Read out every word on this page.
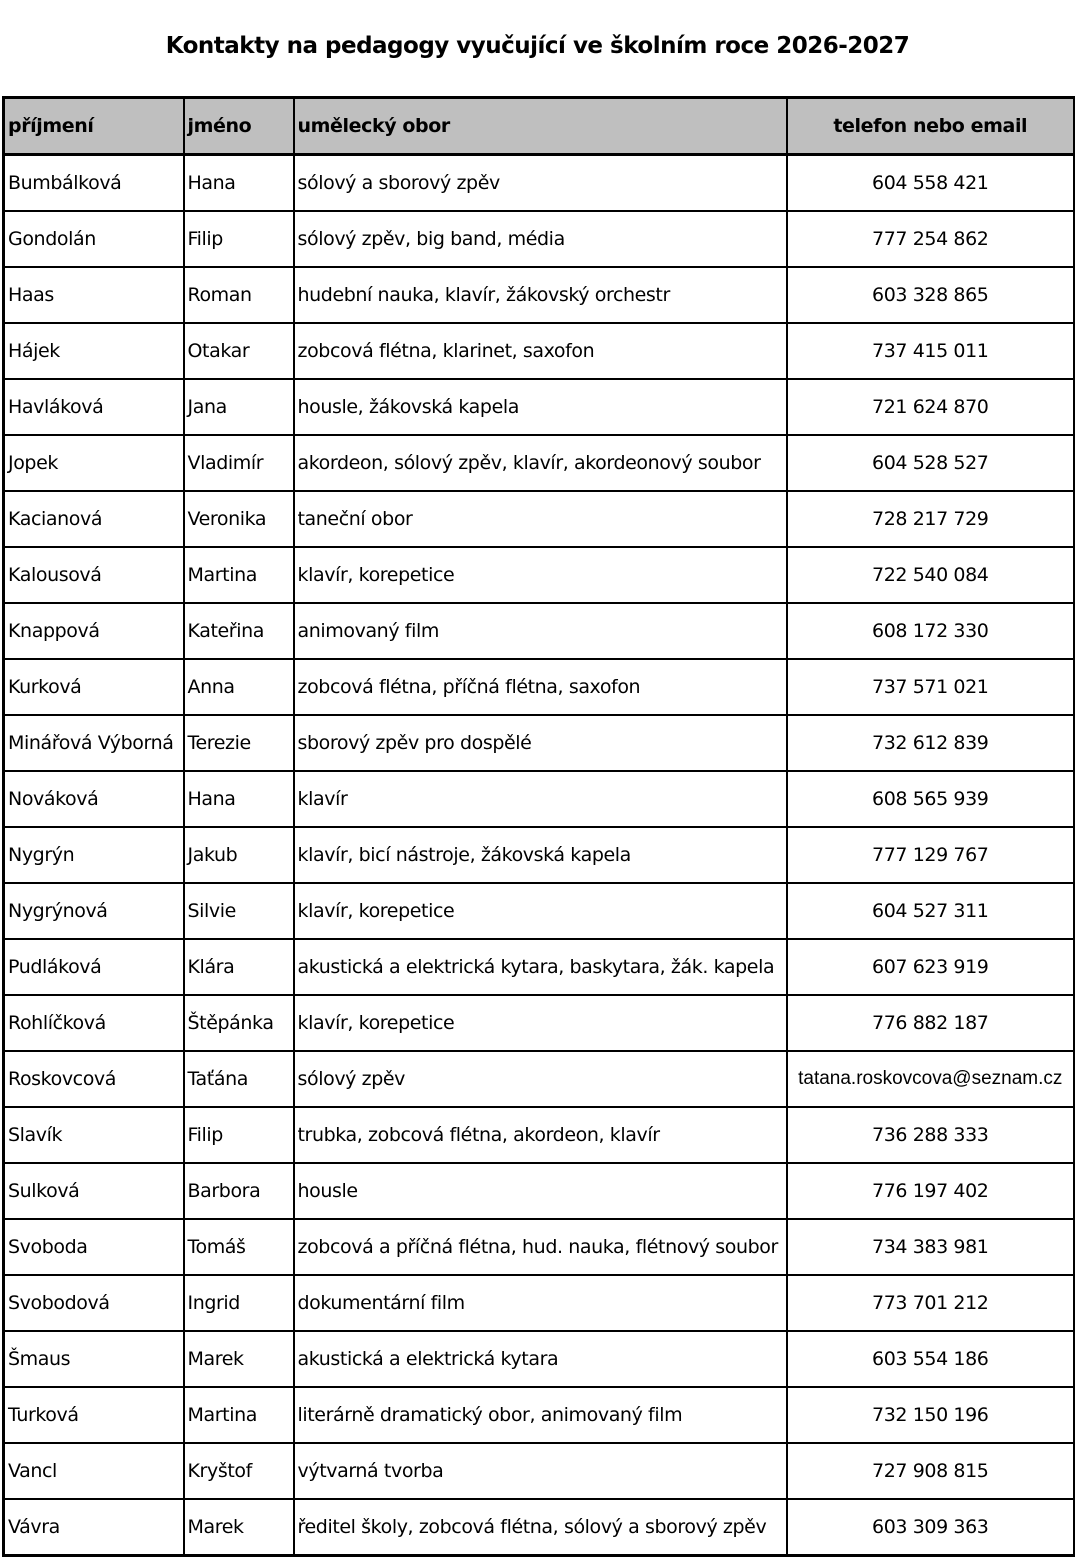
Kontakty na pedagogy vyučující ve školním roce 2026-2027
příjmení	jméno	umělecký obor	telefon nebo email
Bumbálková	Hana	sólový a sborový zpěv	604 558 421
Gondolán	Filip	sólový zpěv, big band, média	777 254 862
Haas	Roman	hudební nauka, klavír, žákovský orchestr	603 328 865
Hájek	Otakar	zobcová flétna, klarinet, saxofon	737 415 011
Havláková	Jana	housle, žákovská kapela	721 624 870
Jopek	Vladimír	akordeon, sólový zpěv, klavír, akordeonový soubor	604 528 527
Kacianová	Veronika	taneční obor	728 217 729
Kalousová	Martina	klavír, korepetice	722 540 084
Knappová	Kateřina	animovaný film	608 172 330
Kurková	Anna	zobcová flétna, příčná flétna, saxofon	737 571 021
Minářová Výborná	Terezie	sborový zpěv pro dospělé	732 612 839
Nováková	Hana	klavír	608 565 939
Nygrýn	Jakub	klavír, bicí nástroje, žákovská kapela	777 129 767
Nygrýnová	Silvie	klavír, korepetice	604 527 311
Pudláková	Klára	akustická a elektrická kytara, baskytara, žák. kapela	607 623 919
Rohlíčková	Štěpánka	klavír, korepetice	776 882 187
Roskovcová	Taťána	sólový zpěv	tatana.roskovcova@seznam.cz
Slavík	Filip	trubka, zobcová flétna, akordeon, klavír	736 288 333
Sulková	Barbora	housle	776 197 402
Svoboda	Tomáš	zobcová a příčná flétna, hud. nauka, flétnový soubor	734 383 981
Svobodová	Ingrid	dokumentární film	773 701 212
Šmaus	Marek	akustická a elektrická kytara	603 554 186
Turková	Martina	literárně dramatický obor, animovaný film	732 150 196
Vancl	Kryštof	výtvarná tvorba	727 908 815
Vávra	Marek	ředitel školy, zobcová flétna, sólový a sborový zpěv	603 309 363
